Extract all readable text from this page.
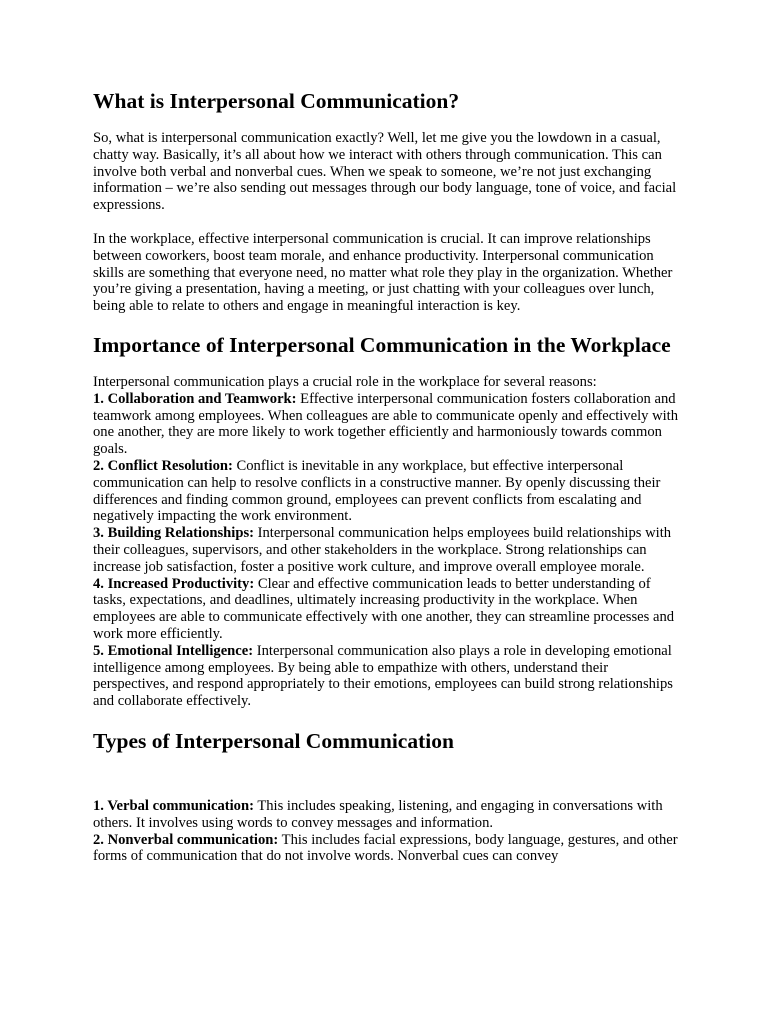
What is Interpersonal Communication?

So, what is interpersonal communication exactly? Well, let me give you the lowdown in a casual, chatty way. Basically, it’s all about how we interact with others through communication. This can involve both verbal and nonverbal cues. When we speak to someone, we’re not just exchanging information – we’re also sending out messages through our body language, tone of voice, and facial expressions.

In the workplace, effective interpersonal communication is crucial. It can improve relationships between coworkers, boost team morale, and enhance productivity. Interpersonal communication skills are something that everyone need, no matter what role they play in the organization. Whether you’re giving a presentation, having a meeting, or just chatting with your colleagues over lunch, being able to relate to others and engage in meaningful interaction is key.

Importance of Interpersonal Communication in the Workplace

Interpersonal communication plays a crucial role in the workplace for several reasons:

1. Collaboration and Teamwork: Effective interpersonal communication fosters collaboration and teamwork among employees. When colleagues are able to communicate openly and effectively with one another, they are more likely to work together efficiently and harmoniously towards common goals.

2. Conflict Resolution: Conflict is inevitable in any workplace, but effective interpersonal communication can help to resolve conflicts in a constructive manner. By openly discussing their differences and finding common ground, employees can prevent conflicts from escalating and negatively impacting the work environment.

3. Building Relationships: Interpersonal communication helps employees build relationships with their colleagues, supervisors, and other stakeholders in the workplace. Strong relationships can increase job satisfaction, foster a positive work culture, and improve overall employee morale.

4. Increased Productivity: Clear and effective communication leads to better understanding of tasks, expectations, and deadlines, ultimately increasing productivity in the workplace. When employees are able to communicate effectively with one another, they can streamline processes and work more efficiently.

5. Emotional Intelligence: Interpersonal communication also plays a role in developing emotional intelligence among employees. By being able to empathize with others, understand their perspectives, and respond appropriately to their emotions, employees can build strong relationships and collaborate effectively.

Types of Interpersonal Communication

1. Verbal communication: This includes speaking, listening, and engaging in conversations with others. It involves using words to convey messages and information.

2. Nonverbal communication: This includes facial expressions, body language, gestures, and other forms of communication that do not involve words. Nonverbal cues can convey
